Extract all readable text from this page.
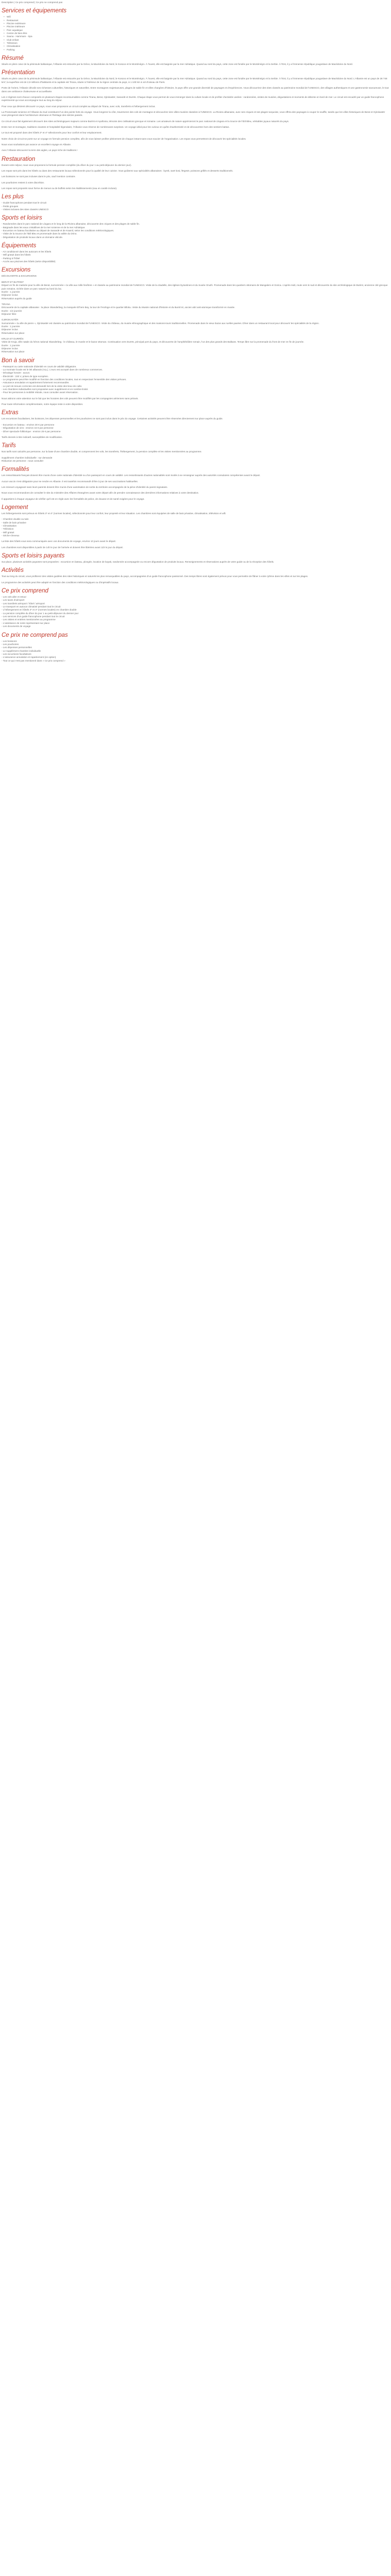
Description | Ce prix comprend | Ce prix ne comprend pas
Services et équipements
• Wifi
• Restaurant
• Piscine extérieure
• Piscine intérieure
• Parc aquatique
• Centre de bien-être
• Sauna - Hammam - Spa
• Club enfant
• Télévision
• Climatisation
• Parking
Résumé

Situés en plein cœur de la péninsule balkanique, l'Albanie est entourée par la Grèce, la Macédoine du Nord, le Kosovo et le Monténégro. À l'ouest, elle est baignée par la mer Adriatique. Quand au nord du pays, cette zone est fondée par le Monténégro et la Serbie. À l'Est, il y a l'immense république yougoslave de Macédoine du Nord.

Présentation

Situés en plein cœur de la péninsule balkanique, l'Albanie est entourée par la Grèce, la Macédoine du Nord, le Kosovo et le Monténégro. À l'ouest, elle est baignée par la mer Adriatique. Quand au nord du pays, cette zone est fondée par le Monténégro et la Serbie. À l'Est, il y a l'immense république yougoslave de Macédoine du Nord. L'Albanie est un pays de 28 748 km², la superficie est de 2,9 millions d'habitants et la capitale est Tirana, située à l'intérieur de la région centrale du pays, à 1 100 km à vol d'oiseau de Paris.

Porte de l'orient, l'Albanie dévoile ses richesses culturelles, historiques et naturelles. Entre montagnes majestueuses, plages de sable fin et villes chargées d'histoire, le pays offre une grande diversité de paysages et d'expériences. Vous découvrirez des sites classés au patrimoine mondial de l'UNESCO, des villages authentiques et une gastronomie savoureuse, le tout dans une ambiance chaleureuse et accueillante.

Les 4 régimes sont chacun composés en plusieurs étapes incontournables comme Tirana, Berat, Gjirokastër, Sarandë et Durrës. Chaque étape vous permet de vous immerger dans la culture locale et de profiter d'activités variées : randonnées, visites de musées, dégustations et moments de détente en bord de mer. Le circuit est encadré par un guide francophone expérimenté qui vous accompagne tout au long du séjour.

Pour ceux qui désirent découvrir ce pays, nous vous proposons un circuit complet au départ de Tirana, avec vols, transferts et hébergement inclus.

La Promenade Ionienne et l'Albanie du Sud constituent l'un des points forts du voyage. Vous longerez la côte, traverserez des cols de montagne et découvrirez des villes-musées classées à l'UNESCO. La Riviera albanaise, avec ses criques et ses plages turquoise, vous offrira des paysages à couper le souffle, tandis que les villes historiques de Berat et Gjirokastër vous plongeront dans l'architecture ottomane et l'héritage des siècles passés.

Ce circuit vous fait également découvrir des sites archéologiques majeurs comme Butrint et Apollonia, témoins des civilisations grecque et romaine. Les amateurs de nature apprécieront le parc national de Llogara et la Source de l'Œil Bleu, véritables joyaux naturels du pays.

Entre mer et montagne, traditions vivantes et hospitalité légendaire, l'Albanie vous réserve de nombreuses surprises. Un voyage idéal pour les curieux en quête d'authenticité et de découvertes hors des sentiers battus.

Le tout est proposé dans des hôtels 3* et 4* sélectionnés pour leur confort et leur emplacement.

Notre choix de circuit se porte sur un voyage en formule pension complète, afin de vous laisser profiter pleinement de chaque instant sans vous soucier de l'organisation. Les repas vous permettront de découvrir les spécialités locales.

Nous vous souhaitons par avance un excellent voyage en Albanie.

Avec l'Albanie découvrez la terre des aigles, un pays riche de traditions !

Restauration

Durant votre séjour, nous vous proposons la formule pension complète (du dîner du jour 1 au petit-déjeuner du dernier jour).

Les repas sont pris dans les hôtels ou dans des restaurants locaux sélectionnés pour la qualité de leur cuisine. Vous goûterez aux spécialités albanaises : byrek, tavë kosi, fërgesë, poissons grillés et desserts traditionnels.

Les boissons ne sont pas incluses dans le prix, sauf mention contraire.

Les pourboires restent à votre discrétion.

Les repas sont proposés sous forme de menus ou de buffets selon les établissements (eau en carafe incluse).

Les plus

- Guide francophone pendant tout le circuit

- Petits groupes

- Visites incluses des sites classés UNESCO

Sports et loisirs

- Randonnées dans le parc national de Llogara et le long de la Riviera albanaise, découverte des criques et des plages de sable fin.

- Baignade dans les eaux cristallines de la mer Ionienne et de la mer Adriatique.

- Excursion en bateau facultative au départ de Sarandë et de Ksamil, selon les conditions météorologiques.

- Visite de la Source de l'Œil Bleu et promenade dans la vallée du Drino.

- Dégustation de produits locaux dans un domaine viticole.

Équipements

- Air conditionné dans les autocars et les hôtels

- Wifi gratuit dans les hôtels

- Parking à l'hôtel

- Accès aux piscines des hôtels (selon disponibilité)

Excursions

DÉCOUVERTE & EXCURSIONS

BERAT ET BUTRINT

Départ en fin de matinée pour la ville de Berat, surnommée « la ville aux mille fenêtres » et classée au patrimoine mondial de l'UNESCO. Visite de la citadelle, des églises byzantines et du musée Onufri. Promenade dans les quartiers ottomans de Mangalem et Gorica. L'après-midi, route vers le sud et découverte du site archéologique de Butrint, ancienne cité grecque puis romaine, nichée dans un parc naturel au bord du lac.

Durée : 1 journée

Déjeuner inclus

Réservation auprès du guide

TIRANA

Découverte de la capitale albanaise : la place Skanderbeg, la mosquée Et'hem Bey, la tour de l'Horloge et le quartier Blloku. Visite du Musée national d'histoire et du Bunk'Art, ancien abri anti-atomique transformé en musée.

Durée : 1/2 journée

Déjeuner libre

GJIROKASTËR

Surnommée « la ville de pierre », Gjirokastër est classée au patrimoine mondial de l'UNESCO. Visite du château, du musée ethnographique et des maisons-tours traditionnelles. Promenade dans le vieux bazar aux ruelles pavées. Dîner dans un restaurant local pour découvrir les spécialités de la région.

Durée : 1 journée

Déjeuner inclus

Réservation sur place

KRUJA ET DURRËS

Visite de Kruja, ville natale du héros national Skanderbeg : le château, le musée et le bazar ottoman. Continuation vers Durrës, principal port du pays, et découverte de l'amphithéâtre romain, l'un des plus grands des Balkans. Temps libre sur la promenade du front de mer en fin de journée.

Durée : 1 journée

Déjeuner inclus

Réservation sur place

Bon à savoir

- Passeport ou carte nationale d'identité en cours de validité obligatoire.

- La monnaie locale est le lek albanais (ALL). L'euro est accepté dans de nombreux commerces.

- Décalage horaire : aucun.

- Électricité : 220 V, prises de type européen.

- Le programme peut être modifié en fonction des conditions locales, tout en respectant l'ensemble des visites prévues.

- Assurance annulation et rapatriement fortement recommandée.

- Le port de tenues correctes est demandé lors de la visite des lieux de culte.

- Les chambres individuelles sont proposées avec supplément et en nombre limité.

- Pour les personnes à mobilité réduite, nous consulter avant réservation.

Nous attirons votre attention sur le fait que les horaires des vols peuvent être modifiés par les compagnies aériennes sans préavis.

Pour toute information complémentaire, notre équipe reste à votre disposition.

Extras

Les excursions facultatives, les boissons, les dépenses personnelles et les pourboires ne sont pas inclus dans le prix du voyage. Certaines activités peuvent être réservées directement sur place auprès du guide.

- Excursion en bateau : environ 30 € par personne

- Dégustation de vins : environ 15 € par personne

- Dîner spectacle folklorique : environ 25 € par personne

Tarifs donnés à titre indicatif, susceptibles de modification.

Tarifs

Nos tarifs sont calculés par personne, sur la base d'une chambre double, et comprennent les vols, les transferts, l'hébergement, la pension complète et les visites mentionnées au programme.

Supplément chambre individuelle : sur demande

Réduction 3e personne : nous consulter

Formalités

Les ressortissants français doivent être munis d'une carte nationale d'identité ou d'un passeport en cours de validité. Les ressortissants d'autres nationalités sont invités à se renseigner auprès des autorités consulaires compétentes avant le départ.

Aucun vaccin n'est obligatoire pour se rendre en Albanie. Il est toutefois recommandé d'être à jour de ses vaccinations habituelles.

Les mineurs voyageant sans leurs parents doivent être munis d'une autorisation de sortie du territoire accompagnée de la pièce d'identité du parent signataire.

Nous vous recommandons de consulter le site du ministère des Affaires étrangères avant votre départ afin de prendre connaissance des dernières informations relatives à votre destination.

Il appartient à chaque voyageur de vérifier qu'il est en règle avec les formalités de police, de douane et de santé exigées pour le voyage.

Logement

Les hébergements sont prévus en hôtels 3* et 4* (normes locales), sélectionnés pour leur confort, leur propreté et leur situation. Les chambres sont équipées de salle de bain privative, climatisation, télévision et wifi.

- Chambre double ou twin

- Salle de bain privative

- Climatisation

- Télévision

- Wifi gratuit

- Sèche-cheveux

La liste des hôtels vous sera communiquée avec vos documents de voyage, environ 10 jours avant le départ.

Les chambres sont disponibles à partir de 14h le jour de l'arrivée et doivent être libérées avant 11h le jour du départ.

Sports et loisirs payants

Sur place, plusieurs activités payantes sont proposées : excursion en bateau, plongée, location de kayak, randonnée accompagnée ou encore dégustation de produits locaux. Renseignements et réservations auprès de votre guide ou de la réception des hôtels.

Activités

Tout au long du circuit, vous profiterez des visites guidées des sites historiques et naturels les plus remarquables du pays, accompagnées d'un guide francophone passionné. Des temps libres sont également prévus pour vous permettre de flâner à votre rythme dans les villes et sur les plages.

Le programme des activités peut être adapté en fonction des conditions météorologiques ou d'impératifs locaux.

Ce prix comprend

- Les vols aller et retour

- Les taxes d'aéroport

- Les transferts aéroport / hôtel / aéroport

- Le transport en autocar climatisé pendant tout le circuit

- L'hébergement en hôtels 3* et 4* (normes locales) en chambre double

- La pension complète du dîner du jour 1 au petit-déjeuner du dernier jour

- Les services d'un guide francophone pendant tout le circuit

- Les visites et entrées mentionnées au programme

- L'assistance de notre représentant sur place

- Les documents de voyage

Ce prix ne comprend pas

- Les boissons

- Les pourboires

- Les dépenses personnelles

- Le supplément chambre individuelle

- Les excursions facultatives

- L'assurance annulation et rapatriement (en option)

- Tout ce qui n'est pas mentionné dans « Ce prix comprend »
